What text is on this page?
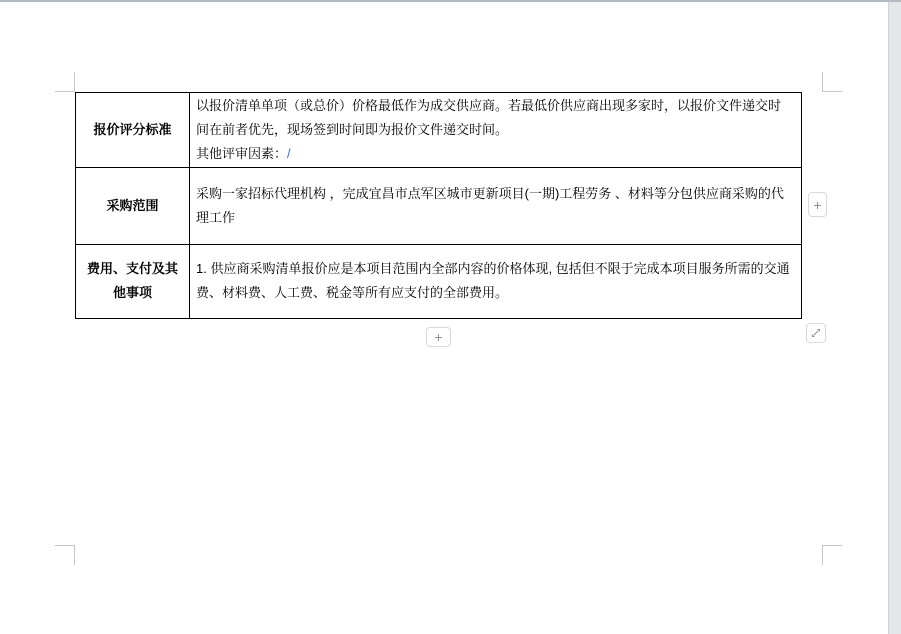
报价评分标准

以报价清单单项（或总价）价格最低作为成交供应商。若最低价供应商出现多家时，以报价文件递交时间在前者优先，现场签到时间即为报价文件递交时间。

其他评审因素：/

采购范围

采购一家招标代理机构 ，完成宜昌市点军区城市更新项目(一期)工程劳务 、材料等分包供应商采购的代理工作

费用、支付及其他事项

1. 供应商采购清单报价应是本项目范围内全部内容的价格体现, 包括但不限于完成本项目服务所需的交通费、材料费、人工费、税金等所有应支付的全部费用。

+
+
